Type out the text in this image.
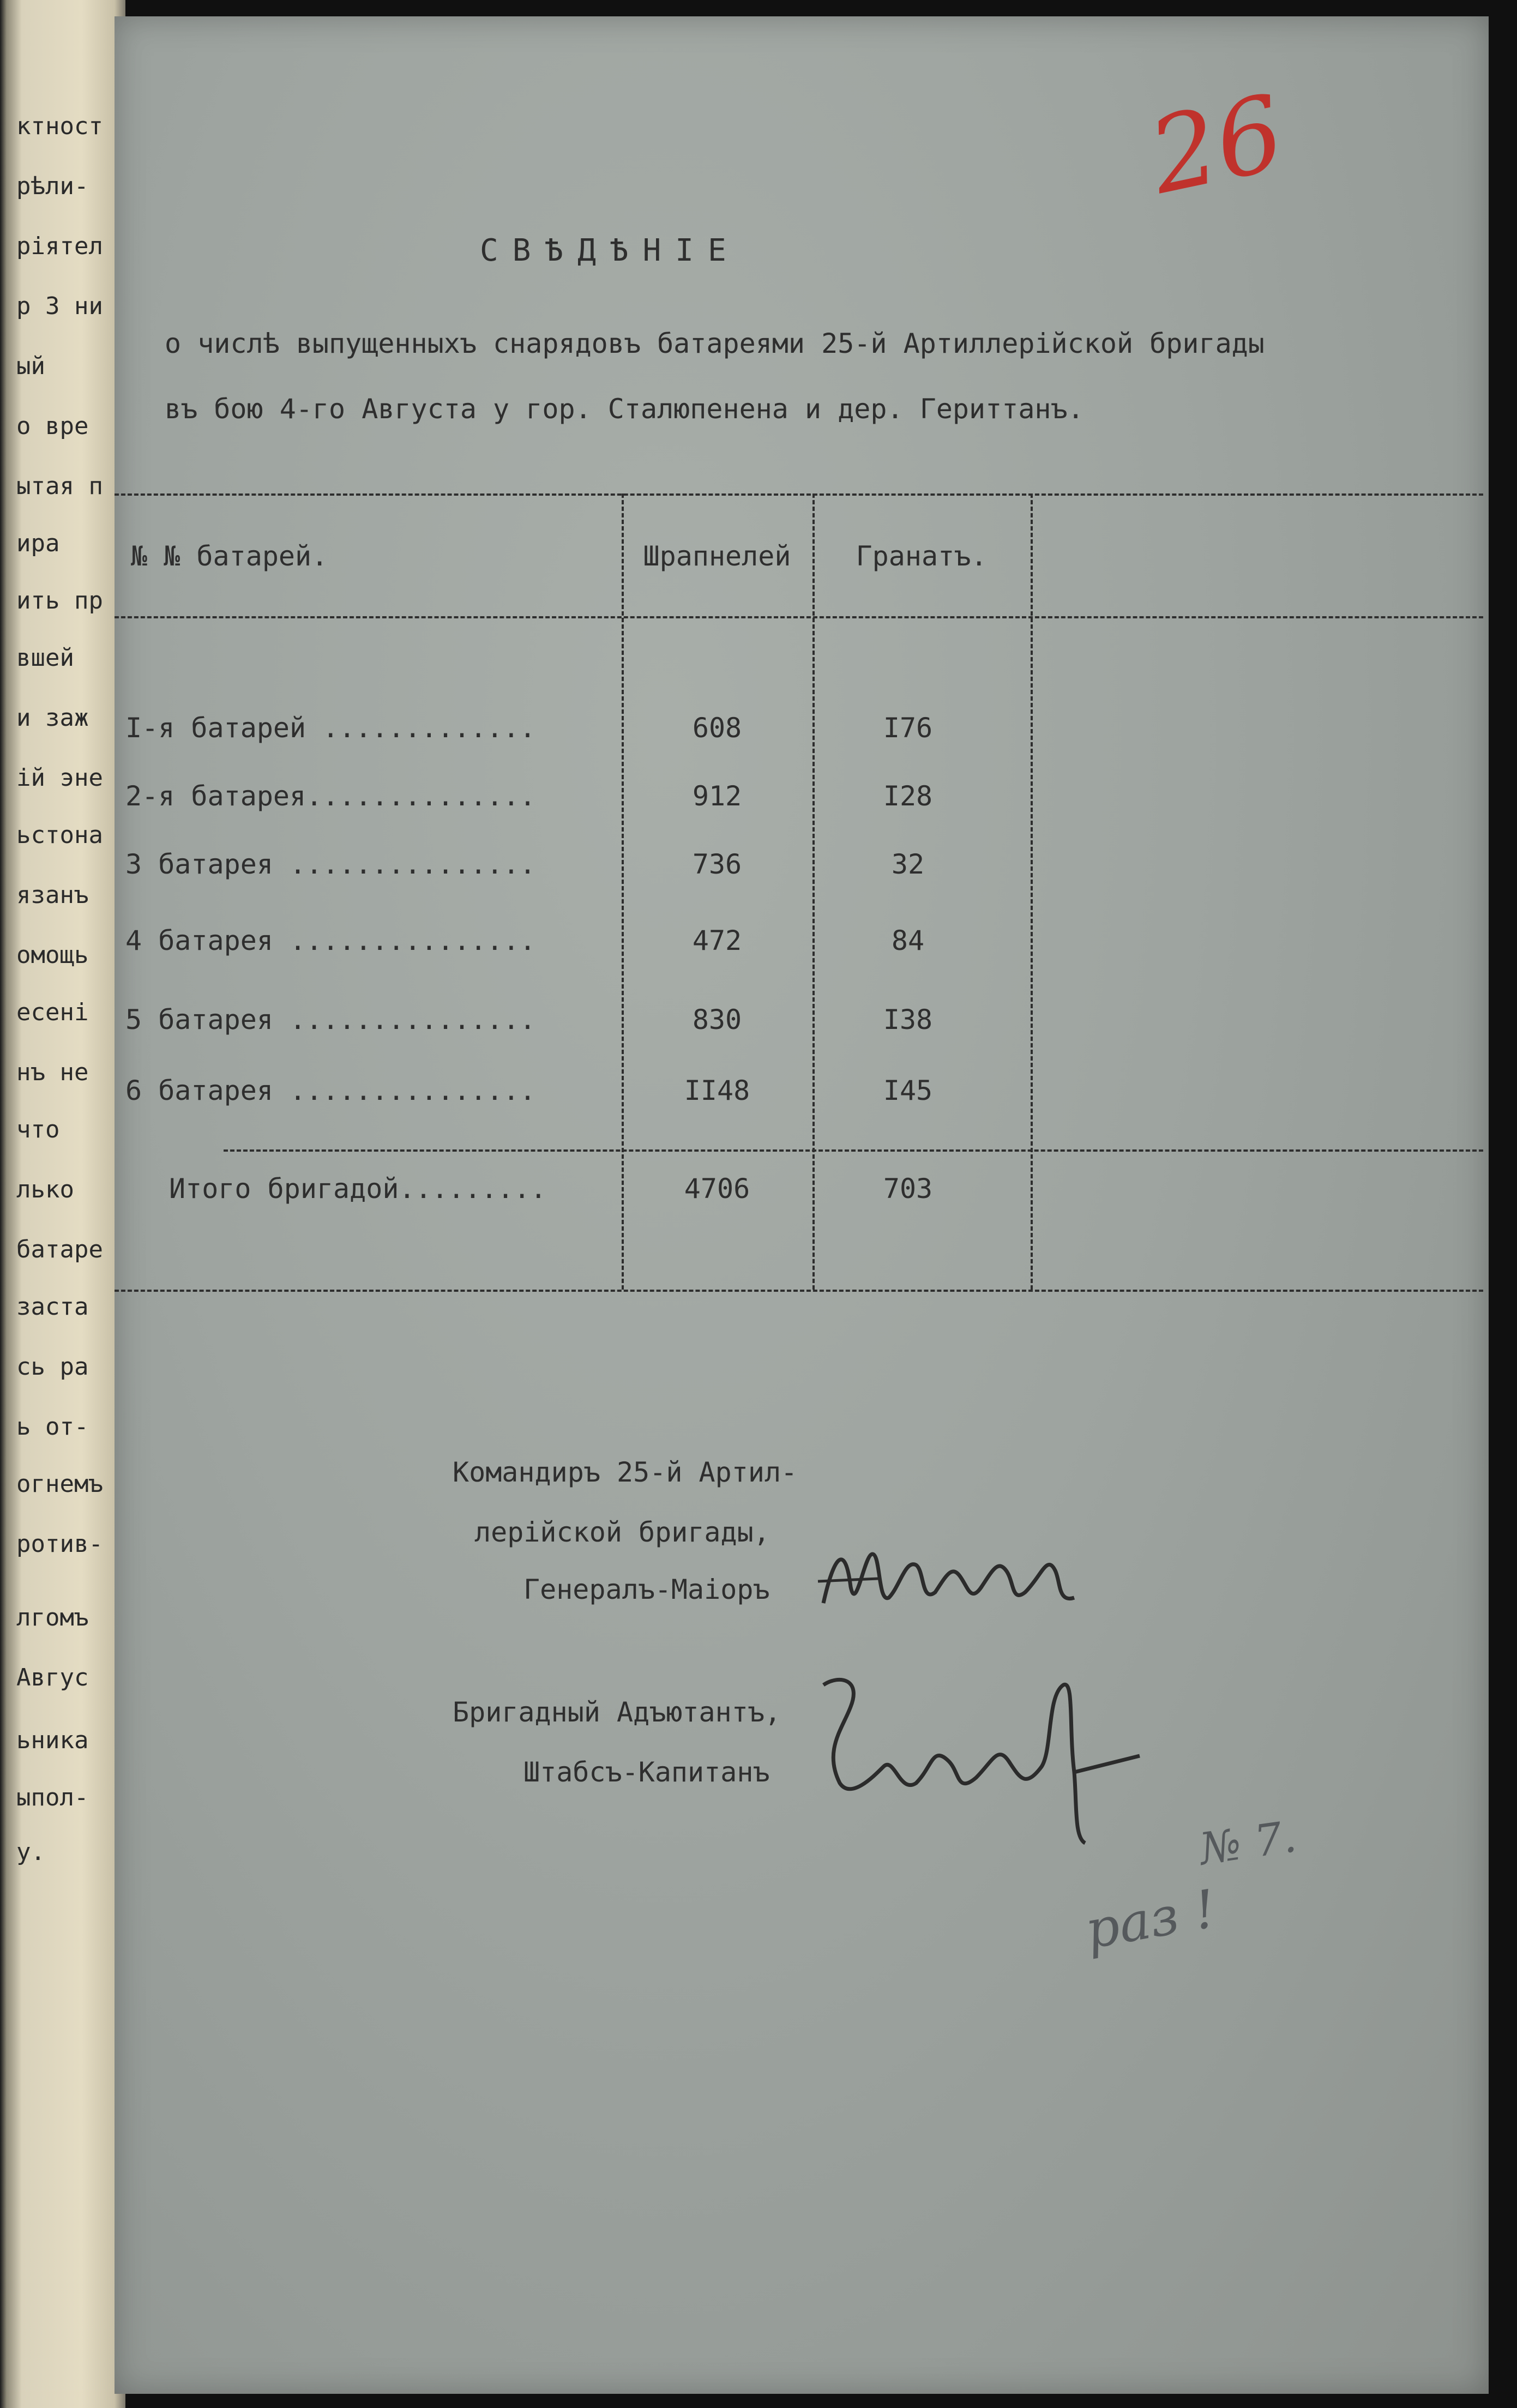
ктност
рѣли-
ріятел
р 3 ни
ый
о вре
ытая п
ира
ить пр
вшей
и заж
ій эне
ьстона
язанъ
омощь
есені
нъ не
что
лько
батаре
заста
сь ра
ь от-
огнемъ
ротив-
лгомъ
Авгус
ьника
ыпол-
у.
26
СВѢДѢНІЕ
о числѣ выпущенныхъ снарядовъ батареями 25-й Артиллерійской бригады
въ бою 4-го Августа у гор. Сталюпенена и дер. Гериттанъ.
№ № батарей.	Шрапнелей	Гранатъ.
I-я батарей .............	608	I76
2-я батарея..............	912	I28
3 батарея ...............	736	32
4 батарея ...............	472	84
5 батарея ...............	830	I38
6 батарея ...............	II48	I45
Итого бригадой.........	4706	703
Командиръ 25-й Артил-
лерійской бригады,
Генералъ-Маіоръ
Бригадный Адъютантъ,
Штабсъ-Капитанъ
№ 7.
раз !
